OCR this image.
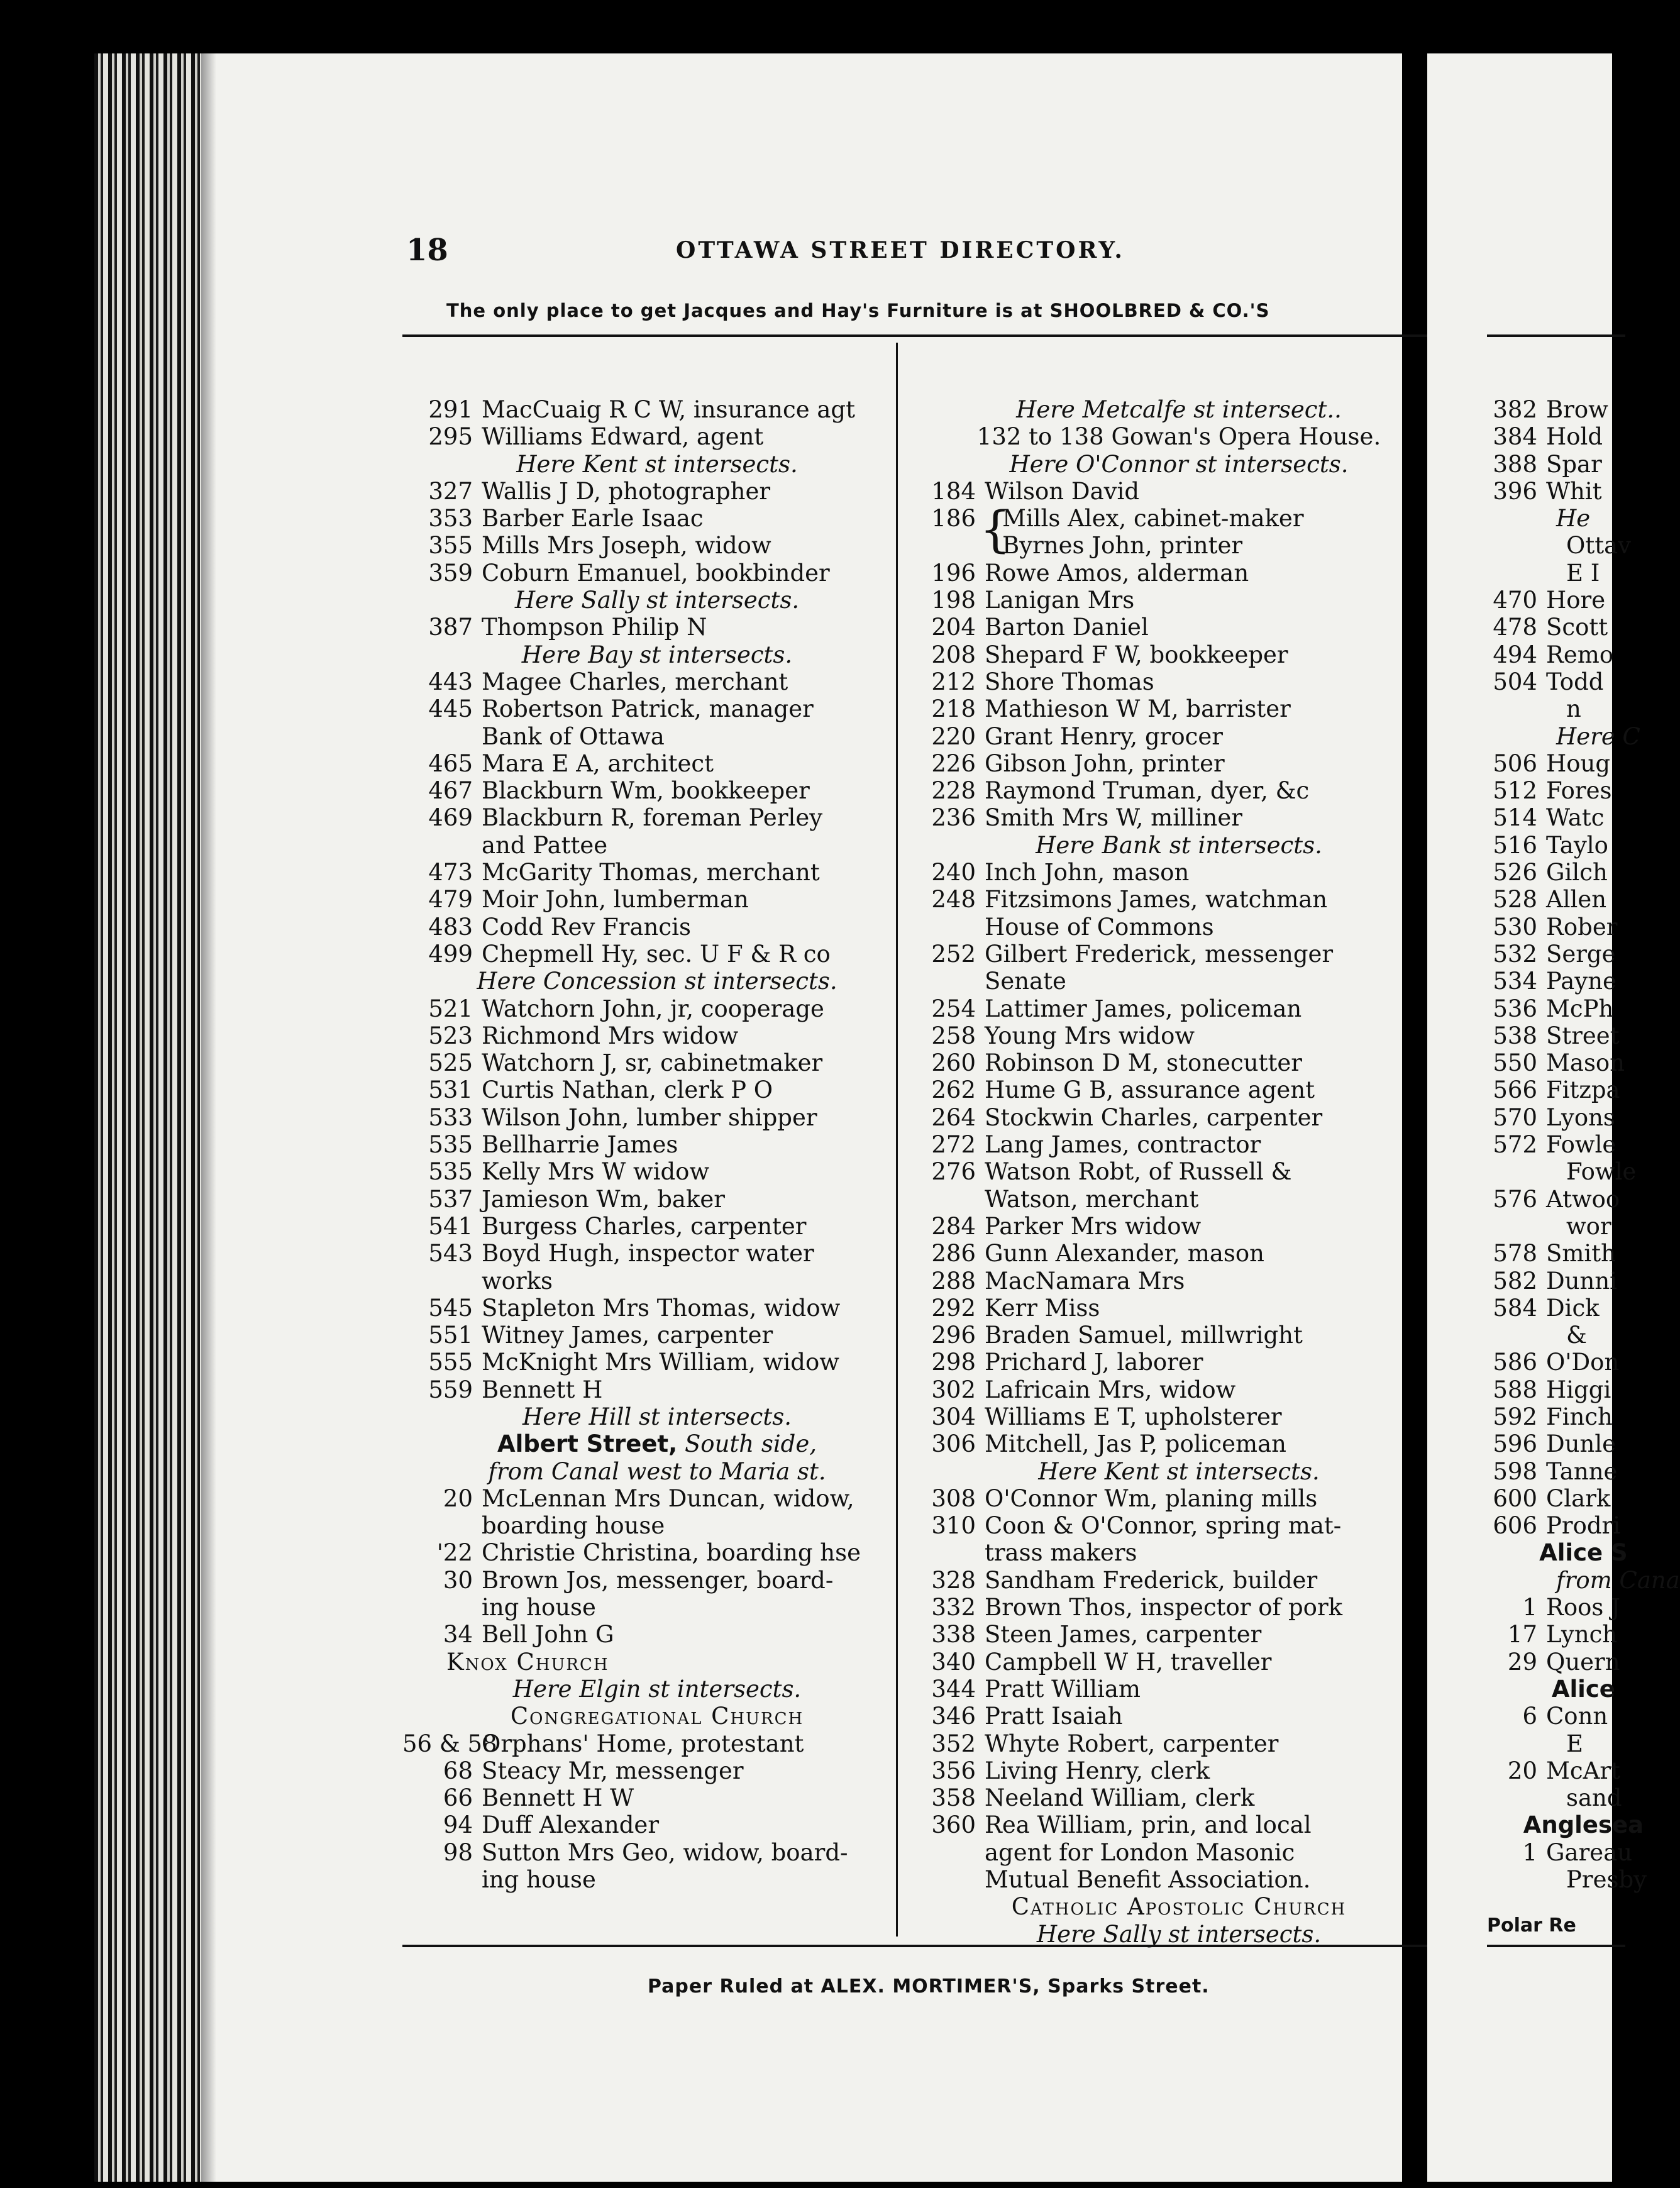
18	OTTAWA STREET DIRECTORY.
The only place to get Jacques and Hay's Furniture is at SHOOLBRED & CO.'S
291 MacCuaig R C W, insurance agt
295 Williams Edward, agent
Here Kent st intersects.
327 Wallis J D, photographer
353 Barber Earle Isaac
355 Mills Mrs Joseph, widow
359 Coburn Emanuel, bookbinder
Here Sally st intersects.
387 Thompson Philip N
Here Bay st intersects.
443 Magee Charles, merchant
445 Robertson Patrick, manager
Bank of Ottawa
465 Mara E A, architect
467 Blackburn Wm, bookkeeper
469 Blackburn R, foreman Perley
and Pattee
473 McGarity Thomas, merchant
479 Moir John, lumberman
483 Codd Rev Francis
499 Chepmell Hy, sec. U F & R co
Here Concession st intersects.
521 Watchorn John, jr, cooperage
523 Richmond Mrs widow
525 Watchorn J, sr, cabinetmaker
531 Curtis Nathan, clerk P O
533 Wilson John, lumber shipper
535 Bellharrie James
535 Kelly Mrs W widow
537 Jamieson Wm, baker
541 Burgess Charles, carpenter
543 Boyd Hugh, inspector water
works
545 Stapleton Mrs Thomas, widow
551 Witney James, carpenter
555 McKnight Mrs William, widow
559 Bennett H
Here Hill st intersects.
Albert Street, South side,
from Canal west to Maria st.
20 McLennan Mrs Duncan, widow,
boarding house
'22 Christie Christina, boarding hse
30 Brown Jos, messenger, board-
ing house
34 Bell John G
Knox Church
Here Elgin st intersects.
Congregational Church
56 & 58
Orphans' Home, protestant
68 Steacy Mr, messenger
66 Bennett H W
94 Duff Alexander
98 Sutton Mrs Geo, widow, board-
ing house
Here Metcalfe st intersect..
132 to 138 Gowan's Opera House.
Here O'Connor st intersects.
184 Wilson David
186 {
Mills Alex, cabinet-maker
Byrnes John, printer
196 Rowe Amos, alderman
198 Lanigan Mrs
204 Barton Daniel
208 Shepard F W, bookkeeper
212 Shore Thomas
218 Mathieson W M, barrister
220 Grant Henry, grocer
226 Gibson John, printer
228 Raymond Truman, dyer, &c
236 Smith Mrs W, milliner
Here Bank st intersects.
240 Inch John, mason
248 Fitzsimons James, watchman
House of Commons
252 Gilbert Frederick, messenger
Senate
254 Lattimer James, policeman
258 Young Mrs widow
260 Robinson D M, stonecutter
262 Hume G B, assurance agent
264 Stockwin Charles, carpenter
272 Lang James, contractor
276 Watson Robt, of Russell &
Watson, merchant
284 Parker Mrs widow
286 Gunn Alexander, mason
288 MacNamara Mrs
292 Kerr Miss
296 Braden Samuel, millwright
298 Prichard J, laborer
302 Lafricain Mrs, widow
304 Williams E T, upholsterer
306 Mitchell, Jas P, policeman
Here Kent st intersects.
308 O'Connor Wm, planing mills
310 Coon & O'Connor, spring mat-
trass makers
328 Sandham Frederick, builder
332 Brown Thos, inspector of pork
338 Steen James, carpenter
340 Campbell W H, traveller
344 Pratt William
346 Pratt Isaiah
352 Whyte Robert, carpenter
356 Living Henry, clerk
358 Neeland William, clerk
360 Rea William, prin, and local
agent for London Masonic
Mutual Benefit Association.
Catholic Apostolic Church
Here Sally st intersects.
Paper Ruled at ALEX. MORTIMER'S, Sparks Street.
382 Brow
384 Hold
388 Spar
396 Whit
He
Ottav
E I
470 Hore
478 Scott
494 Remo
504 Todd
n
Here C
506 Houg
512 Fores
514 Watc
516 Taylo
526 Gilch
528 Allen
530 Rober
532 Serge
534 Payne
536 McPh
538 Street
550 Mason
566 Fitzpa
570 Lyons
572 Fowle
Fowle
576 Atwoo
wor
578 Smith
582 Dunni
584 Dick
&
586 O'Don
588 Higgi
592 Finch
596 Dunle
598 Tanne
600 Clark
606 Prodri
Alice S
from Cana
1 Roos J
17 Lynch
29 Quern
Alice
6 Conn
E
20 McArt
sand
Anglesea
1 Gareau
Presby
Polar Re
